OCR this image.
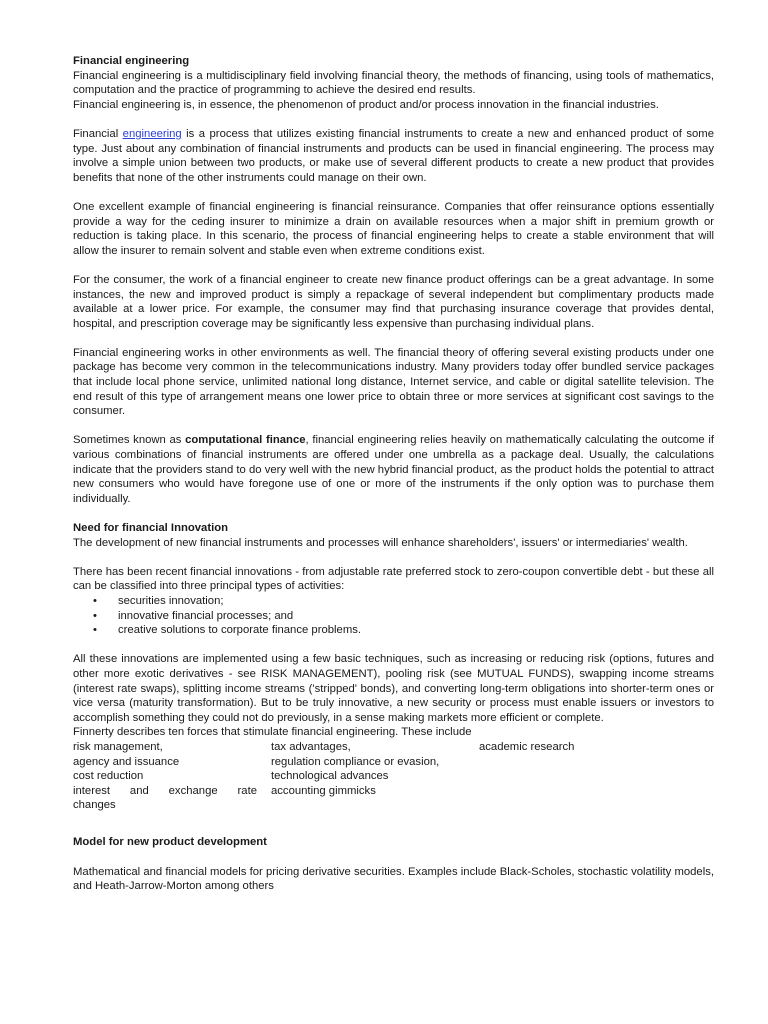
Financial engineering

Financial engineering is a multidisciplinary field involving financial theory, the methods of financing, using tools of mathematics, computation and the practice of programming to achieve the desired end results.

Financial engineering is, in essence, the phenomenon of product and/or process innovation in the financial industries.

Financial engineering is a process that utilizes existing financial instruments to create a new and enhanced product of some type. Just about any combination of financial instruments and products can be used in financial engineering. The process may involve a simple union between two products, or make use of several different products to create a new product that provides benefits that none of the other instruments could manage on their own.

One excellent example of financial engineering is financial reinsurance. Companies that offer reinsurance options essentially provide a way for the ceding insurer to minimize a drain on available resources when a major shift in premium growth or reduction is taking place. In this scenario, the process of financial engineering helps to create a stable environment that will allow the insurer to remain solvent and stable even when extreme conditions exist.

For the consumer, the work of a financial engineer to create new finance product offerings can be a great advantage. In some instances, the new and improved product is simply a repackage of several independent but complimentary products made available at a lower price. For example, the consumer may find that purchasing insurance coverage that provides dental, hospital, and prescription coverage may be significantly less expensive than purchasing individual plans.

Financial engineering works in other environments as well. The financial theory of offering several existing products under one package has become very common in the telecommunications industry. Many providers today offer bundled service packages that include local phone service, unlimited national long distance, Internet service, and cable or digital satellite television. The end result of this type of arrangement means one lower price to obtain three or more services at significant cost savings to the consumer.

Sometimes known as computational finance, financial engineering relies heavily on mathematically calculating the outcome if various combinations of financial instruments are offered under one umbrella as a package deal. Usually, the calculations indicate that the providers stand to do very well with the new hybrid financial product, as the product holds the potential to attract new consumers who would have foregone use of one or more of the instruments if the only option was to purchase them individually.

Need for financial Innovation

The development of new financial instruments and processes will enhance shareholders', issuers' or intermediaries' wealth.

There has been recent financial innovations - from adjustable rate preferred stock to zero-coupon convertible debt - but these all can be classified into three principal types of activities:

• securities innovation;
• innovative financial processes; and
• creative solutions to corporate finance problems.

All these innovations are implemented using a few basic techniques, such as increasing or reducing risk (options, futures and other more exotic derivatives - see RISK MANAGEMENT), pooling risk (see MUTUAL FUNDS), swapping income streams (interest rate swaps), splitting income streams ('stripped' bonds), and converting long-term obligations into shorter-term ones or vice versa (maturity transformation). But to be truly innovative, a new security or process must enable issuers or investors to accomplish something they could not do previously, in a sense making markets more efficient or complete.

Finnerty describes ten forces that stimulate financial engineering. These include

risk management,	tax advantages,	academic research
agency and issuance	regulation compliance or evasion,
cost reduction	technological advances
interest and exchange rate	accounting gimmicks
changes

Model for new product development

Mathematical and financial models for pricing derivative securities. Examples include Black-Scholes, stochastic volatility models, and Heath-Jarrow-Morton among others
